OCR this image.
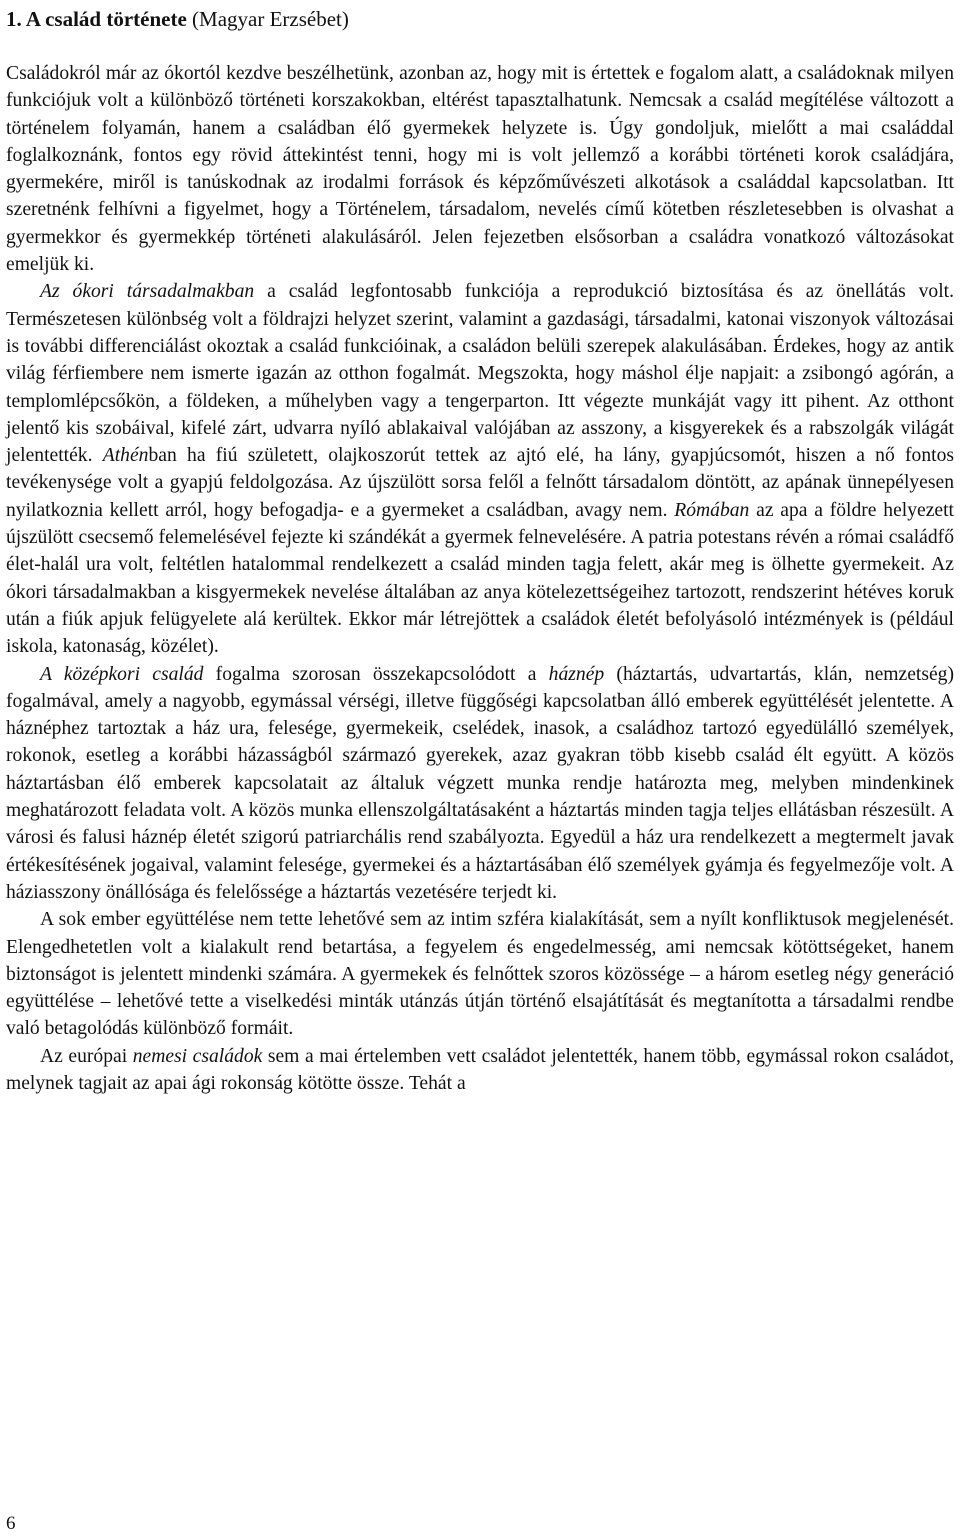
1. A család története (Magyar Erzsébet)

Családokról már az ókortól kezdve beszélhetünk, azonban az, hogy mit is értettek e fogalom alatt, a családoknak milyen funkciójuk volt a különböző történeti korszakokban, eltérést tapasztalhatunk. Nemcsak a család megítélése változott a történelem folyamán, hanem a családban élő gyermekek helyzete is. Úgy gondoljuk, mielőtt a mai családdal foglalkoznánk, fontos egy rövid áttekintést tenni, hogy mi is volt jellemző a korábbi történeti korok családjára, gyermekére, miről is tanúskodnak az irodalmi források és képzőművészeti alkotások a családdal kapcsolatban. Itt szeretnénk felhívni a figyelmet, hogy a Történelem, társadalom, nevelés című kötetben részletesebben is olvashat a gyermekkor és gyermekkép történeti alakulásáról. Jelen fejezetben elsősorban a családra vonatkozó változásokat emeljük ki.

Az ókori társadalmakban a család legfontosabb funkciója a reprodukció biztosítása és az önellátás volt. Természetesen különbség volt a földrajzi helyzet szerint, valamint a gazdasági, társadalmi, katonai viszonyok változásai is további differenciálást okoztak a család funkcióinak, a családon belüli szerepek alakulásában. Érdekes, hogy az antik világ férfiembere nem ismerte igazán az otthon fogalmát. Megszokta, hogy máshol élje napjait: a zsibongó agórán, a templomlépcsőkön, a földeken, a műhelyben vagy a tengerparton. Itt végezte munkáját vagy itt pihent. Az otthont jelentő kis szobáival, kifelé zárt, udvarra nyíló ablakaival valójában az asszony, a kisgyerekek és a rabszolgák világát jelentették. Athénban ha fiú született, olajkoszorút tettek az ajtó elé, ha lány, gyapjúcsomót, hiszen a nő fontos tevékenysége volt a gyapjú feldolgozása. Az újszülött sorsa felől a felnőtt társadalom döntött, az apának ünnepélyesen nyilatkoznia kellett arról, hogy befogadja- e a gyermeket a családban, avagy nem. Rómában az apa a földre helyezett újszülött csecsemő felemelésével fejezte ki szándékát a gyermek felnevelésére. A patria potestans révén a római családfő élet-halál ura volt, feltétlen hatalommal rendelkezett a család minden tagja felett, akár meg is ölhette gyermekeit. Az ókori társadalmakban a kisgyermekek nevelése általában az anya kötelezettségeihez tartozott, rendszerint hétéves koruk után a fiúk apjuk felügyelete alá kerültek. Ekkor már létrejöttek a családok életét befolyásoló intézmények is (például iskola, katonaság, közélet).

A középkori család fogalma szorosan összekapcsolódott a háznép (háztartás, udvartartás, klán, nemzetség) fogalmával, amely a nagyobb, egymással vérségi, illetve függőségi kapcsolatban álló emberek együttélését jelentette. A háznéphez tartoztak a ház ura, felesége, gyermekeik, cselédek, inasok, a családhoz tartozó egyedülálló személyek, rokonok, esetleg a korábbi házasságból származó gyerekek, azaz gyakran több kisebb család élt együtt. A közös háztartásban élő emberek kapcsolatait az általuk végzett munka rendje határozta meg, melyben mindenkinek meghatározott feladata volt. A közös munka ellenszolgáltatásaként a háztartás minden tagja teljes ellátásban részesült. A városi és falusi háznép életét szigorú patriarchális rend szabályozta. Egyedül a ház ura rendelkezett a megtermelt javak értékesítésének jogaival, valamint felesége, gyermekei és a háztartásában élő személyek gyámja és fegyelmezője volt. A háziasszony önállósága és felelőssége a háztartás vezetésére terjedt ki.

A sok ember együttélése nem tette lehetővé sem az intim szféra kialakítását, sem a nyílt konfliktusok megjelenését. Elengedhetetlen volt a kialakult rend betartása, a fegyelem és engedelmesség, ami nemcsak kötöttségeket, hanem biztonságot is jelentett mindenki számára. A gyermekek és felnőttek szoros közössége – a három esetleg négy generáció együttélése – lehetővé tette a viselkedési minták utánzás útján történő elsajátítását és megtanította a társadalmi rendbe való betagolódás különböző formáit.

Az európai nemesi családok sem a mai értelemben vett családot jelentették, hanem több, egymással rokon családot, melynek tagjait az apai ági rokonság kötötte össze. Tehát a

6
